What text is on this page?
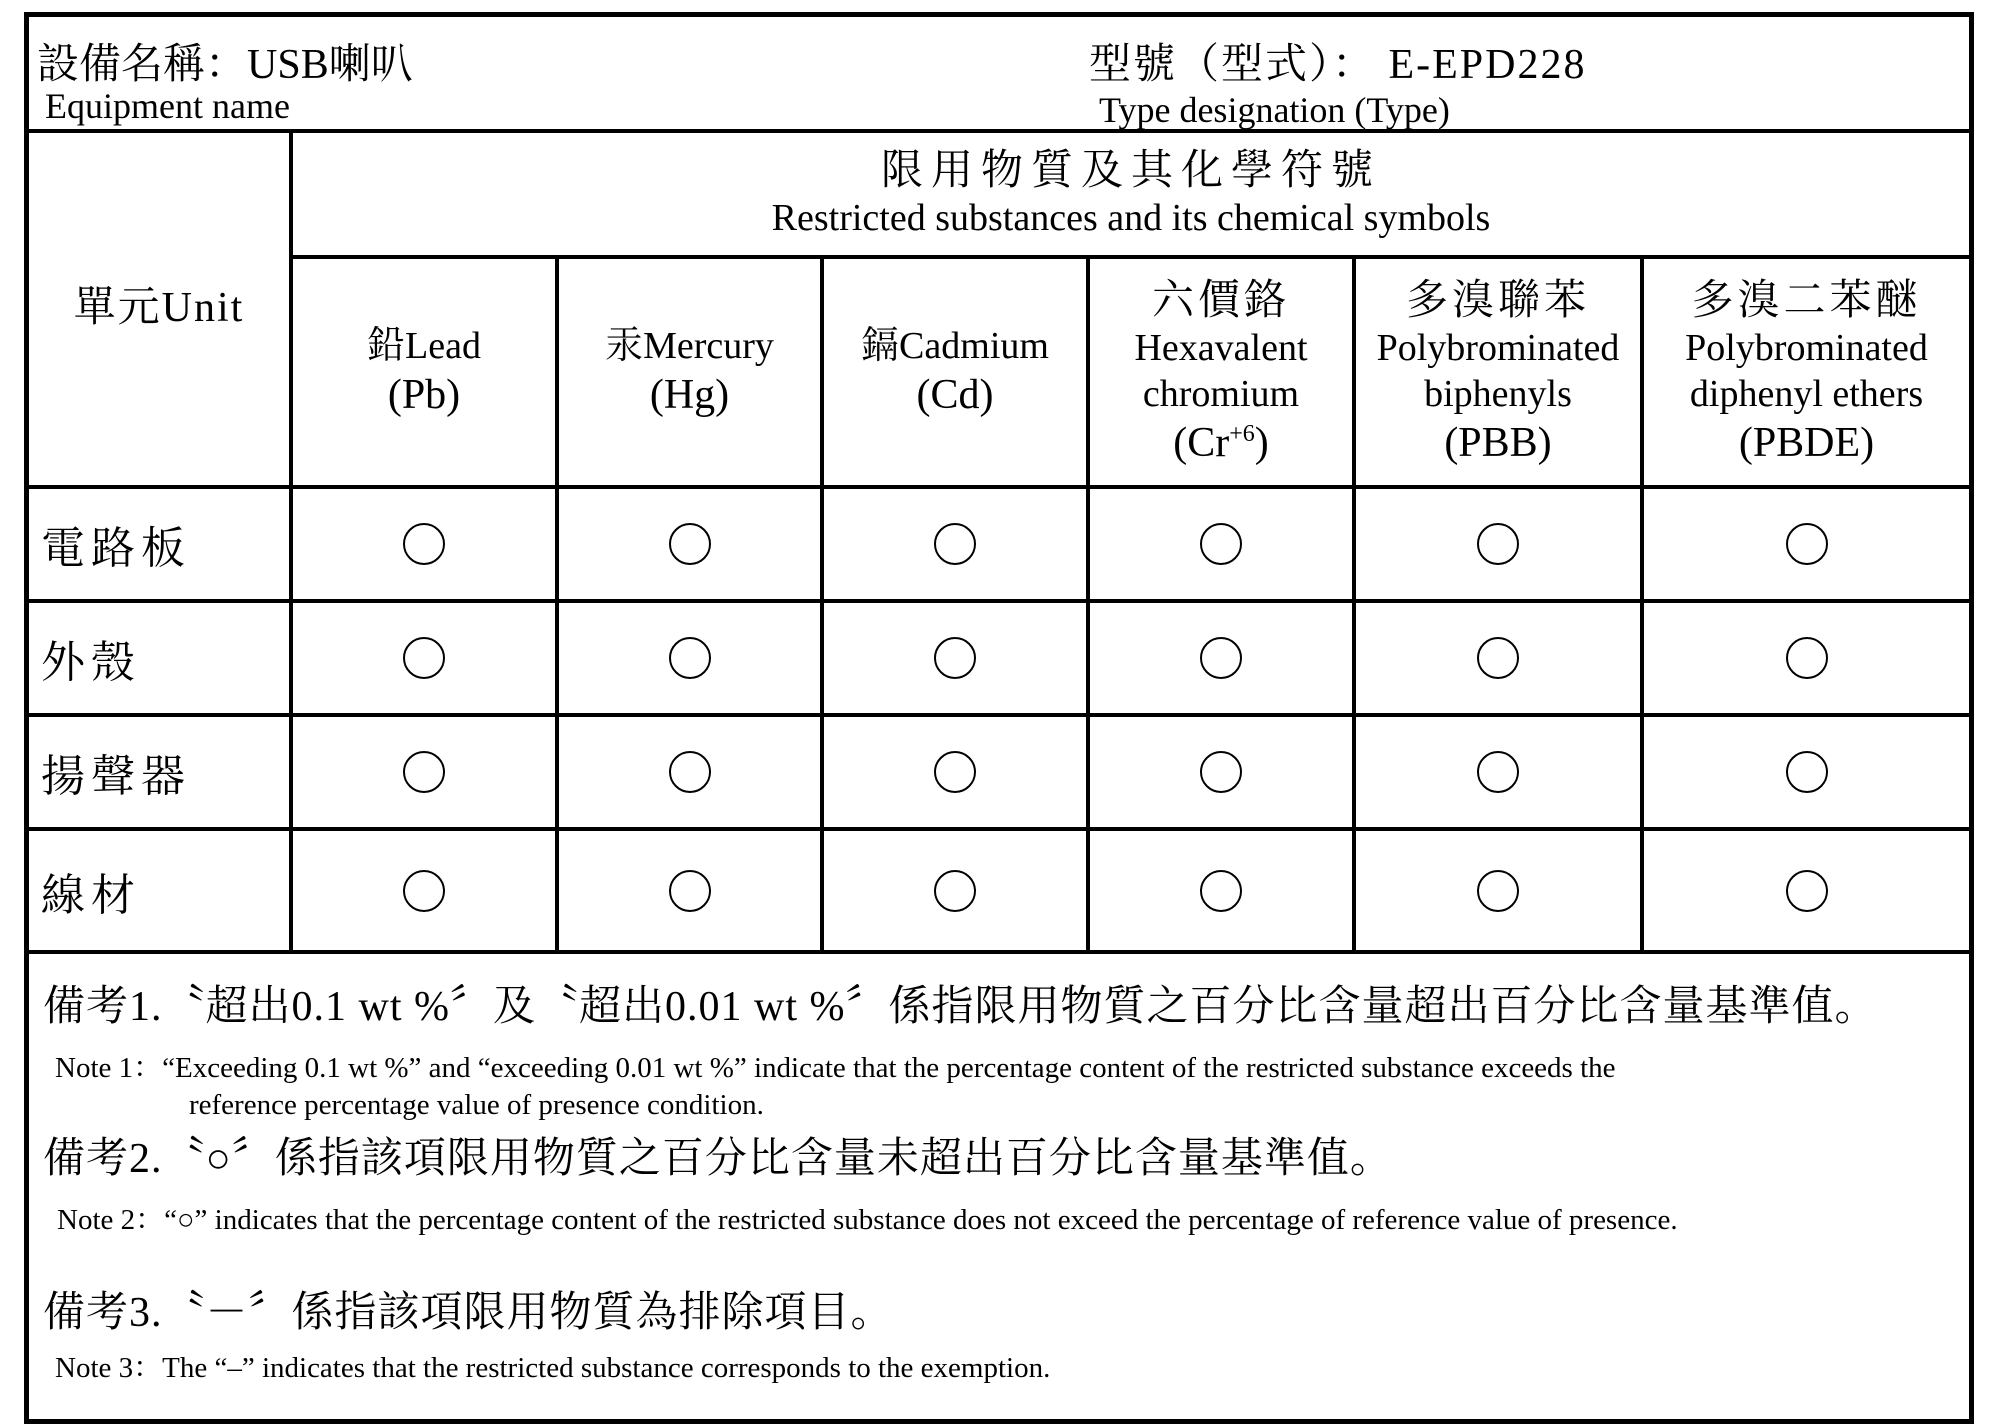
設備名稱：USB喇叭
Equipment name
型號（型式）： E-EPD228
Type designation (Type)
單元Unit
限用物質及其化學符號
Restricted substances and its chemical symbols
鉛Lead
(Pb)
汞Mercury
(Hg)
鎘Cadmium
(Cd)
六價鉻
Hexavalent chromium
$(Cr^{+6})$
多溴聯苯
Polybrominated biphenyls
(PBB)
多溴二苯醚
Polybrominated diphenyl ethers
(PBDE)
電路板
外殼
揚聲器
線材
備考1.〝超出0.1 wt %〞及〝超出0.01 wt %〞係指限用物質之百分比含量超出百分比含量基準值。
Note 1：“Exceeding 0.1 wt %” and “exceeding 0.01 wt %” indicate that the percentage content of the restricted substance exceeds the
reference percentage value of presence condition.
備考2.〝○〞係指該項限用物質之百分比含量未超出百分比含量基準值。
Note 2：“○” indicates that the percentage content of the restricted substance does not exceed the percentage of reference value of presence.
備考3.〝－〞係指該項限用物質為排除項目。
Note 3：The “–” indicates that the restricted substance corresponds to the exemption.
